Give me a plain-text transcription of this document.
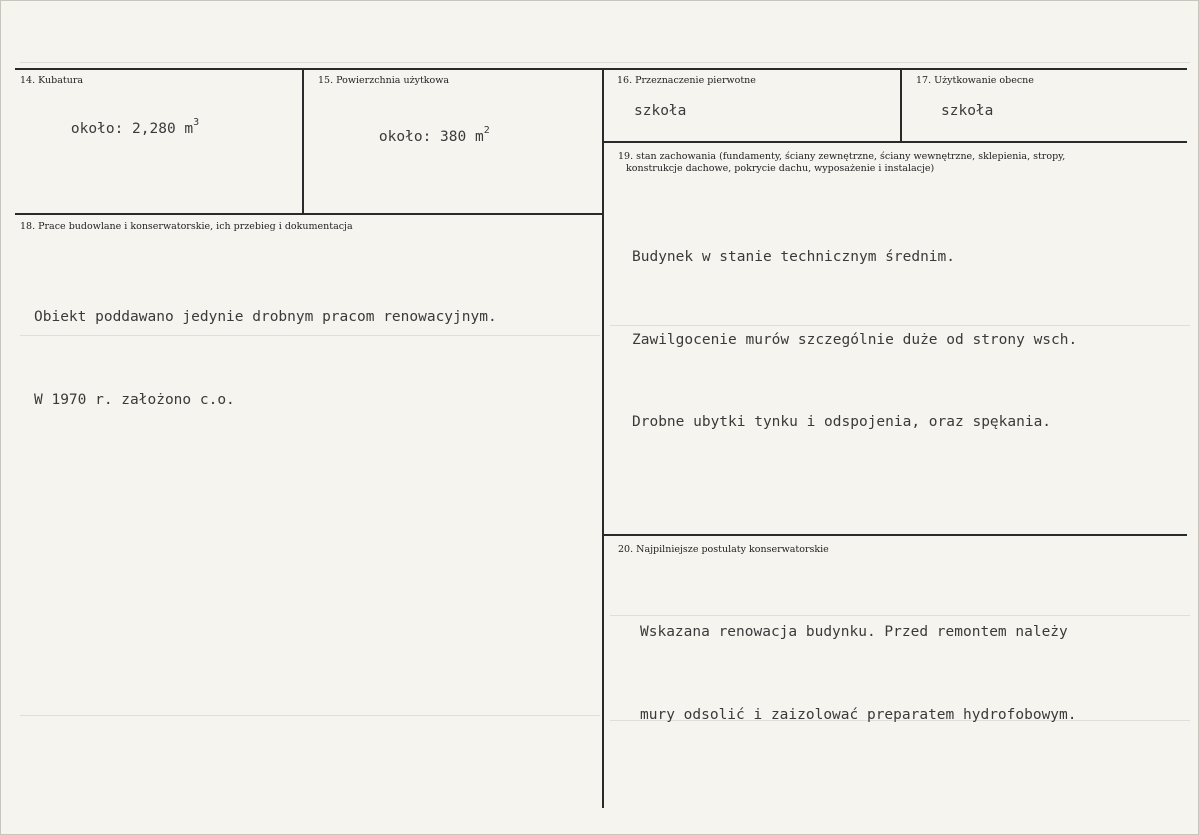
14. Kubatura

około: 2,280 $m^3$

15. Powierzchnia użytkowa

około: 380 $m^2$

16. Przeznaczenie pierwotne
szkoła
17. Użytkowanie obecne
szkoła
18. Prace budowlane i konserwatorskie, ich przebieg i dokumentacja

Obiekt poddawano jedynie drobnym pracom renowacyjnym.

W 1970 r. założono c.o.

19. stan zachowania (fundamenty, ściany zewnętrzne, ściany wewnętrzne, sklepienia, stropy,
konstrukcje dachowe, pokrycie dachu, wyposażenie i instalacje)

Budynek w stanie technicznym średnim.

Zawilgocenie murów szczególnie duże od strony wsch.

Drobne ubytki tynku i odspojenia, oraz spękania.

20. Najpilniejsze postulaty konserwatorskie

Wskazana renowacja budynku. Przed remontem należy

mury odsolić i zaizolować preparatem hydrofobowym.
